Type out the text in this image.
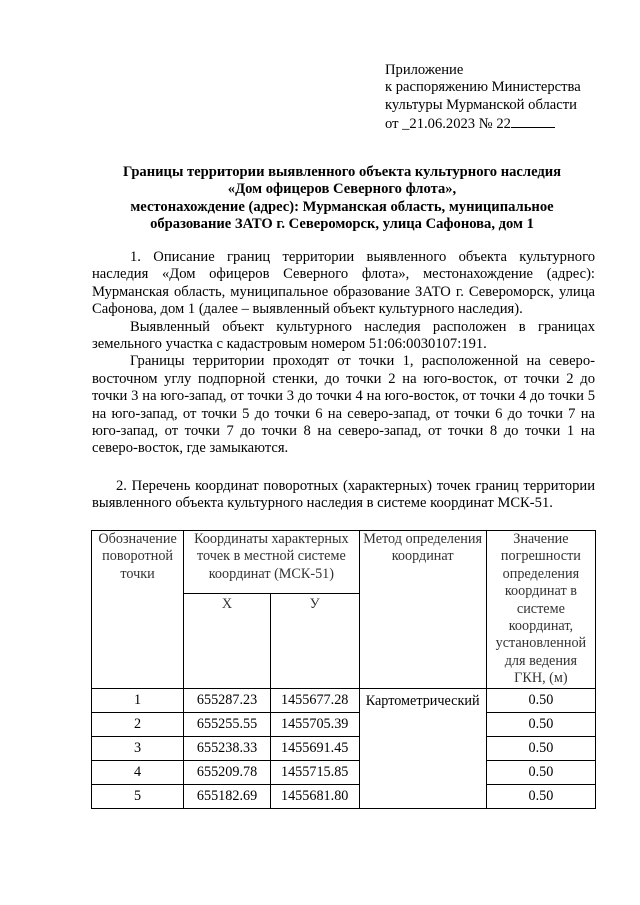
Приложение
к распоряжению Министерства
культуры Мурманской области
от _21.06.2023 № 22
Границы территории выявленного объекта культурного наследия
«Дом офицеров Северного флота»,
местонахождение (адрес): Мурманская область, муниципальное
образование ЗАТО г. Североморск, улица Сафонова, дом 1

1. Описание границ территории выявленного объекта культурного наследия «Дом офицеров Северного флота», местонахождение (адрес): Мурманская область, муниципальное образование ЗАТО г. Североморск, улица Сафонова, дом 1 (далее – выявленный объект культурного наследия).

Выявленный объект культурного наследия расположен в границах земельного участка с кадастровым номером 51:06:0030107:191.

Границы территории проходят от точки 1, расположенной на северо-восточном углу подпорной стенки, до точки 2 на юго-восток, от точки 2 до точки 3 на юго-запад, от точки 3 до точки 4 на юго-восток, от точки 4 до точки 5 на юго-запад, от точки 5 до точки 6 на северо-запад, от точки 6 до точки 7 на юго-запад, от точки 7 до точки 8 на северо-запад, от точки 8 до точки 1 на северо-восток, где замыкаются.

2. Перечень координат поворотных (характерных) точек границ территории выявленного объекта культурного наследия в системе координат МСК-51.

Обозначение поворотной точки	Координаты характерных точек в местной системе координат (МСК-51)		Метод определения координат	Значение погрешности определения координат в системе координат, установленной для ведения ГКН, (м)
	X	У		
1	655287.23	1455677.28	Картометрический	0.50
2	655255.55	1455705.39		0.50
3	655238.33	1455691.45		0.50
4	655209.78	1455715.85		0.50
5	655182.69	1455681.80		0.50
